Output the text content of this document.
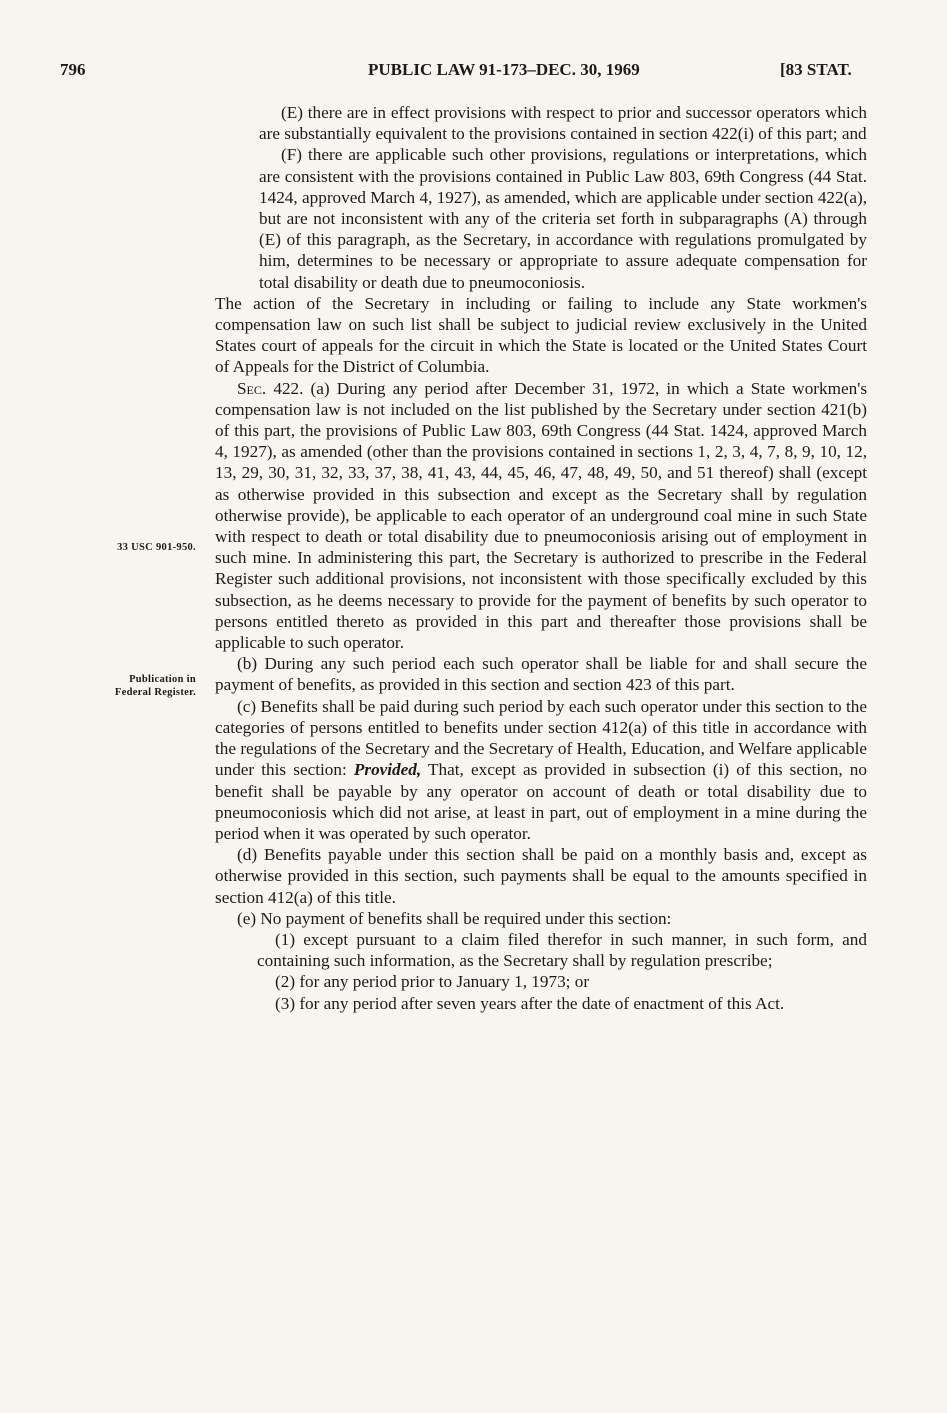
796	PUBLIC LAW 91-173–DEC. 30, 1969	[83 STAT.
33 USC 901-950.
Publication in
Federal Register.

(E) there are in effect provisions with respect to prior and successor operators which are substantially equivalent to the provisions contained in section 422(i) of this part; and

(F) there are applicable such other provisions, regulations or interpretations, which are consistent with the provisions contained in Public Law 803, 69th Congress (44 Stat. 1424, approved March 4, 1927), as amended, which are applicable under section 422(a), but are not inconsistent with any of the criteria set forth in subparagraphs (A) through (E) of this paragraph, as the Secretary, in accordance with regulations promulgated by him, determines to be necessary or appropriate to assure adequate compensation for total disability or death due to pneumoconiosis.

The action of the Secretary in including or failing to include any State workmen's compensation law on such list shall be subject to judicial review exclusively in the United States court of appeals for the circuit in which the State is located or the United States Court of Appeals for the District of Columbia.

Sec. 422. (a) During any period after December 31, 1972, in which a State workmen's compensation law is not included on the list published by the Secretary under section 421(b) of this part, the provisions of Public Law 803, 69th Congress (44 Stat. 1424, approved March 4, 1927), as amended (other than the provisions contained in sections 1, 2, 3, 4, 7, 8, 9, 10, 12, 13, 29, 30, 31, 32, 33, 37, 38, 41, 43, 44, 45, 46, 47, 48, 49, 50, and 51 thereof) shall (except as otherwise provided in this subsection and except as the Secretary shall by regulation otherwise provide), be applicable to each operator of an underground coal mine in such State with respect to death or total disability due to pneumoconiosis arising out of employment in such mine. In administering this part, the Secretary is authorized to prescribe in the Federal Register such additional provisions, not inconsistent with those specifically excluded by this subsection, as he deems necessary to provide for the payment of benefits by such operator to persons entitled thereto as provided in this part and thereafter those provisions shall be applicable to such operator.

(b) During any such period each such operator shall be liable for and shall secure the payment of benefits, as provided in this section and section 423 of this part.

(c) Benefits shall be paid during such period by each such operator under this section to the categories of persons entitled to benefits under section 412(a) of this title in accordance with the regulations of the Secretary and the Secretary of Health, Education, and Welfare applicable under this section: Provided, That, except as provided in subsection (i) of this section, no benefit shall be payable by any operator on account of death or total disability due to pneumoconiosis which did not arise, at least in part, out of employment in a mine during the period when it was operated by such operator.

(d) Benefits payable under this section shall be paid on a monthly basis and, except as otherwise provided in this section, such payments shall be equal to the amounts specified in section 412(a) of this title.

(e) No payment of benefits shall be required under this section:

(1) except pursuant to a claim filed therefor in such manner, in such form, and containing such information, as the Secretary shall by regulation prescribe;

(2) for any period prior to January 1, 1973; or

(3) for any period after seven years after the date of enactment of this Act.
